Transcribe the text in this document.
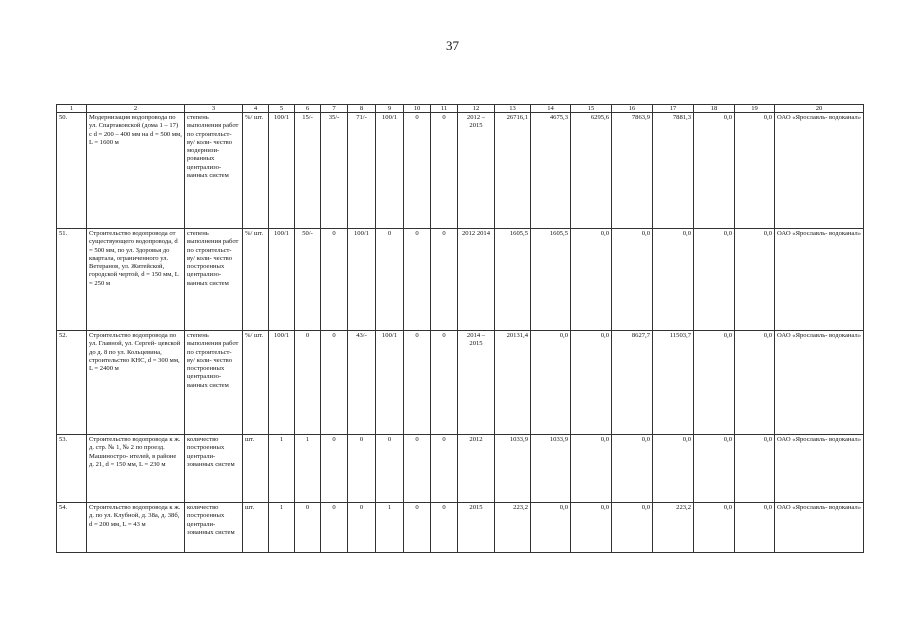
37
1	2	3	4	5	6	7	8	9	10	11	12	13	14	15	16	17	18	19	20
50.	Модернизация водопровода по ул. Спартаковской (дома 1 – 17) с d = 200 – 400 мм на d = 500 мм, L = 1600 м	степень выполнения работ по строительст- ву/ коли- чество модернизи- рованных централизо- ванных систем	%/ шт.	100/1	15/-	35/-	71/-	100/1	0	0	2012 – 2015	26716,1	4675,3	6295,6	7863,9	7881,3	0,0	0,0	ОАО «Ярославль- водоканал»
51.	Строительство водопровода от существующего водопровода, d = 500 мм, по ул. Здоровья до квартала, ограниченного ул. Ветеранов, ул. Житейской, городской чертой, d = 150 мм, L = 250 м	степень выполнения работ по строительст- ву/ коли- чество построенных централизо- ванных систем	%/ шт.	100/1	50/-	0	100/1	0	0	0	2012 2014	1605,5	1605,5	0,0	0,0	0,0	0,0	0,0	ОАО «Ярославль- водоканал»
52.	Строительство водопровода по ул. Главной, ул. Сергей- цевской до д. 8 по ул. Кольцевина, строительство КНС, d = 300 мм, L = 2400 м	степень выполнения работ по строительст- ву/ коли- чество построенных централизо- ванных систем	%/ шт.	100/1	0	0	43/-	100/1	0	0	2014 – 2015	20131,4	0,0	0,0	8627,7	11503,7	0,0	0,0	ОАО «Ярославль- водоканал»
53.	Строительство водопровода к ж. д. стр. № 1, № 2 по проезд. Машиностро- ителей, в районе д. 21, d = 150 мм, L = 230 м	количество построенных централи- зованных систем	шт.	1	1	0	0	0	0	0	2012	1033,9	1033,9	0,0	0,0	0,0	0,0	0,0	ОАО «Ярославль- водоканал»
54.	Строительство водопровода к ж. д. по ул. Клубной, д. 38а, д. 38б, d = 200 мм, L = 43 м	количество построенных централи- зованных систем	шт.	1	0	0	0	1	0	0	2015	223,2	0,0	0,0	0,0	223,2	0,0	0,0	ОАО «Ярославль- водоканал»
